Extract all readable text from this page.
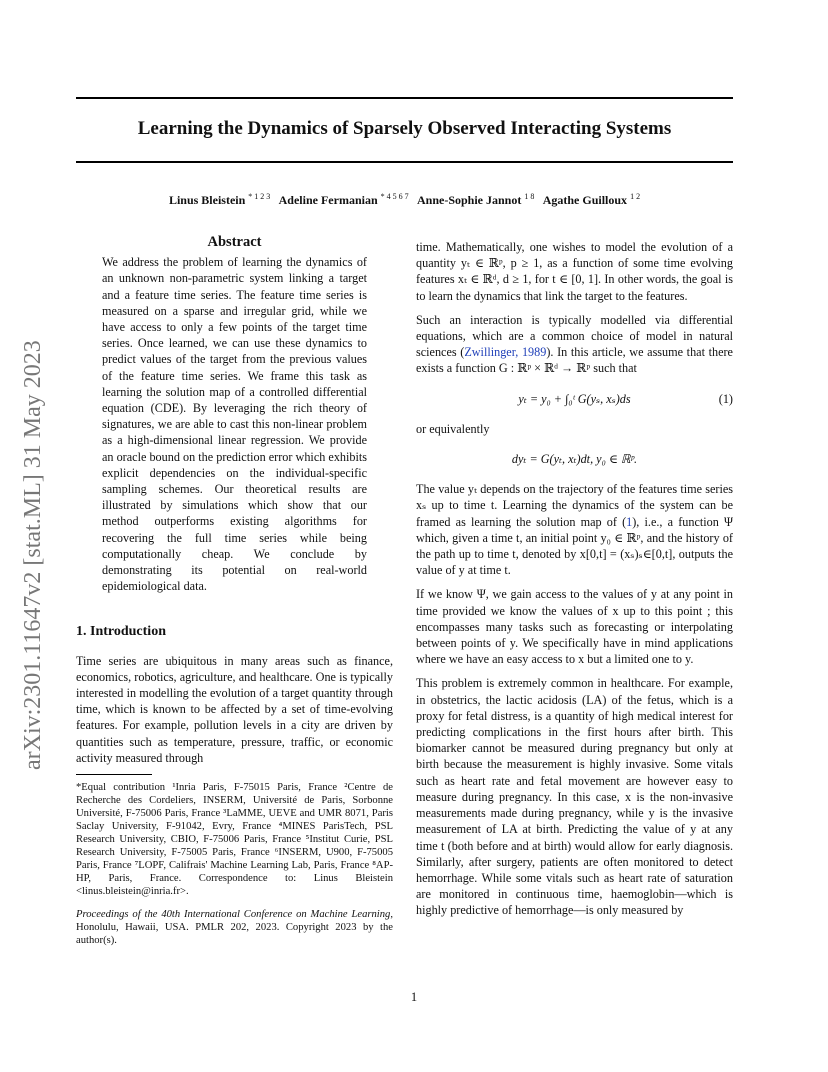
arXiv:2301.11647v2 [stat.ML] 31 May 2023
Learning the Dynamics of Sparsely Observed Interacting Systems
Linus Bleistein $^{* 1 2 3}$ Adeline Fermanian $^{* 4 5 6 7}$ Anne-Sophie Jannot $^{1 8}$ Agathe Guilloux $^{1 2}$
Abstract
We address the problem of learning the dynamics of an unknown non-parametric system linking a target and a feature time series. The feature time series is measured on a sparse and irregular grid, while we have access to only a few points of the target time series. Once learned, we can use these dynamics to predict values of the target from the previous values of the feature time series. We frame this task as learning the solution map of a controlled differential equation (CDE). By leveraging the rich theory of signatures, we are able to cast this non-linear problem as a high-dimensional linear regression. We provide an oracle bound on the prediction error which exhibits explicit dependencies on the individual-specific sampling schemes. Our theoretical results are illustrated by simulations which show that our method outperforms existing algorithms for recovering the full time series while being computationally cheap. We conclude by demonstrating its potential on real-world epidemiological data.
1. Introduction

Time series are ubiquitous in many areas such as finance, economics, robotics, agriculture, and healthcare. One is typically interested in modelling the evolution of a target quantity through time, which is known to be affected by a set of time-evolving features. For example, pollution levels in a city are driven by quantities such as temperature, pressure, traffic, or economic activity measured through

*Equal contribution ¹Inria Paris, F-75015 Paris, France ²Centre de Recherche des Cordeliers, INSERM, Université de Paris, Sorbonne Université, F-75006 Paris, France ³LaMME, UEVE and UMR 8071, Paris Saclay University, F-91042, Evry, France ⁴MINES ParisTech, PSL Research University, CBIO, F-75006 Paris, France ⁵Institut Curie, PSL Research University, F-75005 Paris, France ⁶INSERM, U900, F-75005 Paris, France ⁷LOPF, Califrais' Machine Learning Lab, Paris, France ⁸AP-HP, Paris, France. Correspondence to: Linus Bleistein <linus.bleistein@inria.fr>.
Proceedings of the 40th International Conference on Machine Learning, Honolulu, Hawaii, USA. PMLR 202, 2023. Copyright 2023 by the author(s).

time. Mathematically, one wishes to model the evolution of a quantity yₜ ∈ ℝᵖ, p ≥ 1, as a function of some time evolving features xₜ ∈ ℝᵈ, d ≥ 1, for t ∈ [0, 1]. In other words, the goal is to learn the dynamics that link the target to the features.

Such an interaction is typically modelled via differential equations, which are a common choice of model in natural sciences (Zwillinger, 1989). In this article, we assume that there exists a function G : ℝᵖ × ℝᵈ → ℝᵖ such that

yₜ = y₀ + ∫₀ᵗ G(yₛ, xₛ)ds	(1)

or equivalently

dyₜ = G(yₜ, xₜ)dt, y₀ ∈ ℝᵖ.

The value yₜ depends on the trajectory of the features time series xₛ up to time t. Learning the dynamics of the system can be framed as learning the solution map of (1), i.e., a function Ψ which, given a time t, an initial point y₀ ∈ ℝᵖ, and the history of the path up to time t, denoted by x[0,t] = (xₛ)ₛ∈[0,t], outputs the value of y at time t.

If we know Ψ, we gain access to the values of y at any point in time provided we know the values of x up to this point ; this encompasses many tasks such as forecasting or interpolating between points of y. We specifically have in mind applications where we have an easy access to x but a limited one to y.

This problem is extremely common in healthcare. For example, in obstetrics, the lactic acidosis (LA) of the fetus, which is a proxy for fetal distress, is a quantity of high medical interest for predicting complications in the first hours after birth. This biomarker cannot be measured during pregnancy but only at birth because the measurement is highly invasive. Some vitals such as heart rate and fetal movement are however easy to measure during pregnancy. In this case, x is the non-invasive measurements made during pregnancy, while y is the invasive measurement of LA at birth. Predicting the value of y at any time t (both before and at birth) would allow for early diagnosis. Similarly, after surgery, patients are often monitored to detect hemorrhage. While some vitals such as heart rate of saturation are monitored in continuous time, haemoglobin—which is highly predictive of hemorrhage—is only measured by

1
